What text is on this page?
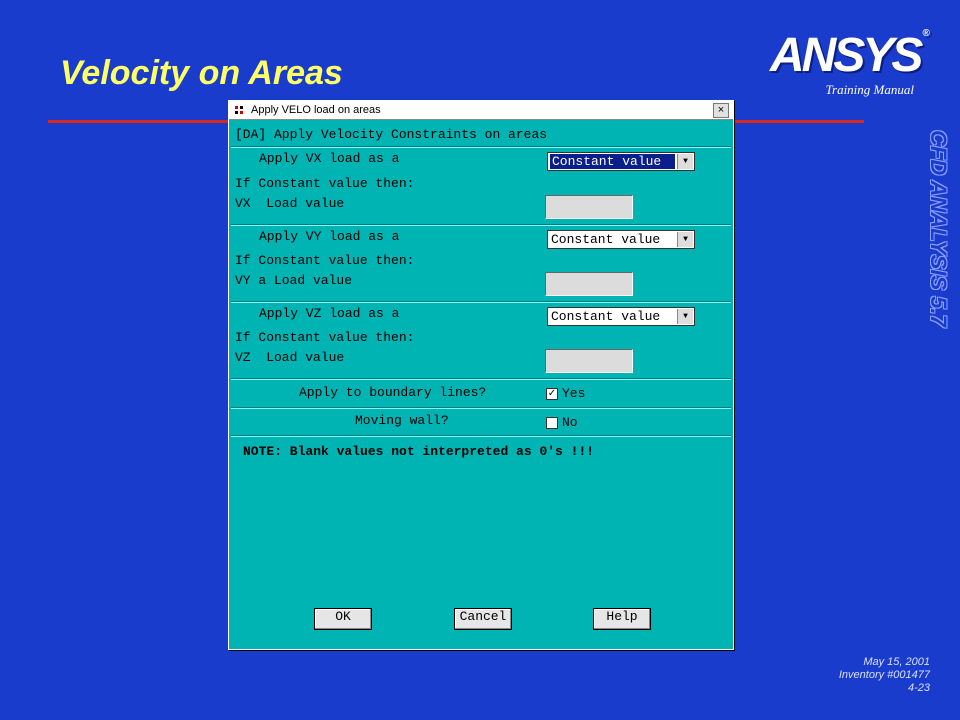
Velocity on Areas	ANSYS ®
Training Manual
CFD ANALYSIS 5.7
May 15, 2001
Inventory #001477
4-23
Apply VELO load on areas	×
[DA] Apply Velocity Constraints on areas
Apply VX load as a	Constant value	▼
If Constant value then:
VX  Load value
Apply VY load as a	Constant value	▼
If Constant value then:
VY a Load value
Apply VZ load as a	Constant value	▼
If Constant value then:
VZ  Load value
Apply to boundary lines?	✓ Yes
Moving wall?	No
NOTE: Blank values not interpreted as 0's !!!
OK	Cancel	Help
